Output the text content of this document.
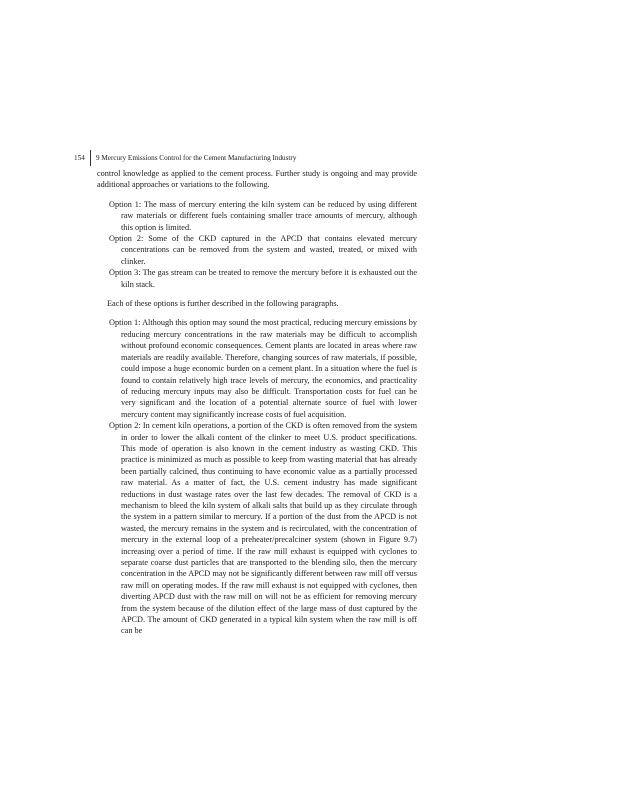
154	9 Mercury Emissions Control for the Cement Manufacturing Industry

control knowledge as applied to the cement process. Further study is ongoing and may provide additional approaches or variations to the following.

Option 1: The mass of mercury entering the kiln system can be reduced by using different raw materials or different fuels containing smaller trace amounts of mercury, although this option is limited.

Option 2: Some of the CKD captured in the APCD that contains elevated mercury concentrations can be removed from the system and wasted, treated, or mixed with clinker.

Option 3: The gas stream can be treated to remove the mercury before it is exhausted out the kiln stack.

Each of these options is further described in the following paragraphs.

Option 1: Although this option may sound the most practical, reducing mercury emissions by reducing mercury concentrations in the raw materials may be difficult to accomplish without profound economic consequences. Cement plants are located in areas where raw materials are readily available. Therefore, changing sources of raw materials, if possible, could impose a huge economic burden on a cement plant. In a situation where the fuel is found to contain relatively high trace levels of mercury, the economics, and practicality of reducing mercury inputs may also be difficult. Transportation costs for fuel can be very significant and the location of a potential alternate source of fuel with lower mercury content may significantly increase costs of fuel acquisition.

Option 2: In cement kiln operations, a portion of the CKD is often removed from the system in order to lower the alkali content of the clinker to meet U.S. product specifications. This mode of operation is also known in the cement industry as wasting CKD. This practice is minimized as much as possible to keep from wasting material that has already been partially calcined, thus continuing to have economic value as a partially processed raw material. As a matter of fact, the U.S. cement industry has made significant reductions in dust wastage rates over the last few decades. The removal of CKD is a mechanism to bleed the kiln system of alkali salts that build up as they circulate through the system in a pattern similar to mercury. If a portion of the dust from the APCD is not wasted, the mercury remains in the system and is recirculated, with the concentration of mercury in the external loop of a preheater/precalciner system (shown in Figure 9.7) increasing over a period of time. If the raw mill exhaust is equipped with cyclones to separate coarse dust particles that are transported to the blending silo, then the mercury concentration in the APCD may not be significantly different between raw mill off versus raw mill on operating modes. If the raw mill exhaust is not equipped with cyclones, then diverting APCD dust with the raw mill on will not be as efficient for removing mercury from the system because of the dilution effect of the large mass of dust captured by the APCD. The amount of CKD generated in a typical kiln system when the raw mill is off can be
